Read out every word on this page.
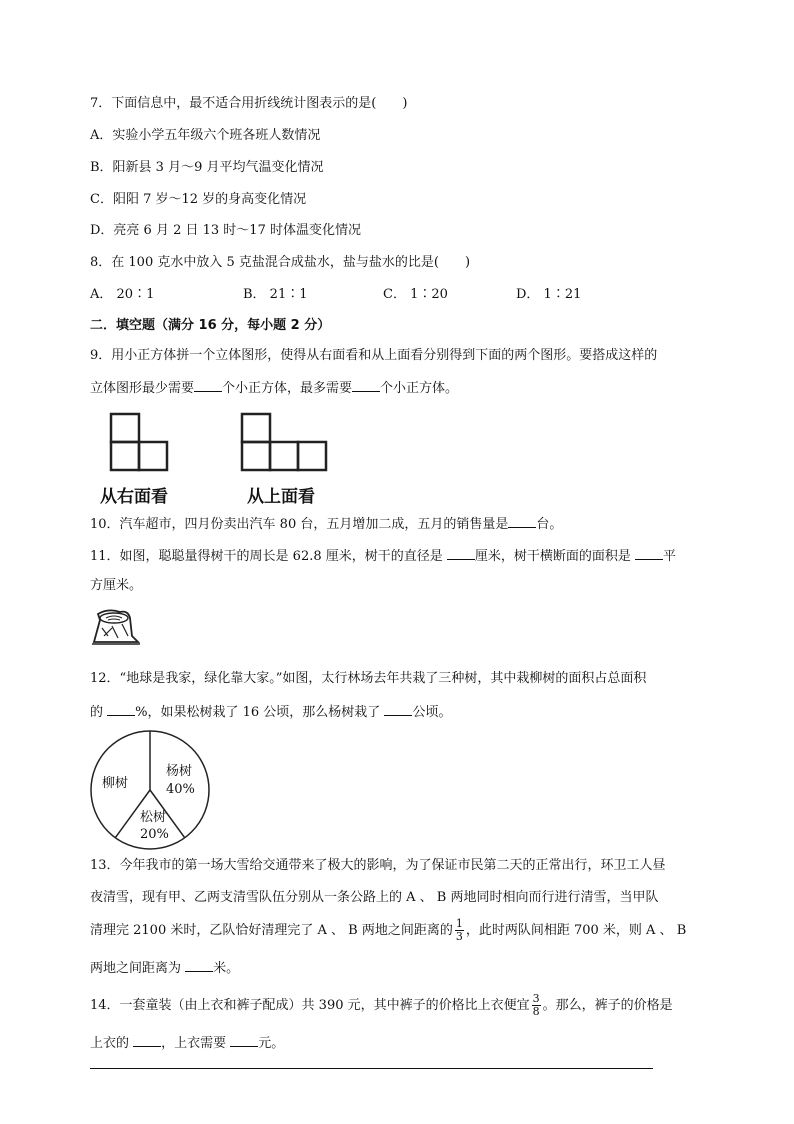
7．下面信息中，最不适合用折线统计图表示的是(　　)
A．实验小学五年级六个班各班人数情况
B．阳新县 3 月～9 月平均气温变化情况
C．阳阳 7 岁～12 岁的身高变化情况
D．亮亮 6 月 2 日 13 时～17 时体温变化情况
8．在 100 克水中放入 5 克盐混合成盐水，盐与盐水的比是(　　)
A． 20∶1	B． 21∶1	C． 1∶20	D． 1∶21
二．填空题（满分 16 分，每小题 2 分）
9．用小正方体拼一个立体图形，使得从右面看和从上面看分别得到下面的两个图形。要搭成这样的
立体图形最少需要 个小正方体，最多需要 个小正方体。
从右面看	从上面看
10．汽车超市，四月份卖出汽车 80 台，五月增加二成，五月的销售量是 台。
11．如图，聪聪量得树干的周长是 62.8 厘米，树干的直径是 厘米，树干横断面的面积是 平
方厘米。
12．“地球是我家，绿化靠大家。”如图，太行林场去年共栽了三种树，其中栽柳树的面积占总面积
的 %，如果松树栽了 16 公顷，那么杨树栽了 公顷。
柳树
杨树
40%
松树
20%
13．今年我市的第一场大雪给交通带来了极大的影响，为了保证市民第二天的正常出行，环卫工人昼
夜清雪，现有甲、乙两支清雪队伍分别从一条公路上的 A 、 B 两地同时相向而行进行清雪，当甲队
清理完 2100 米时，乙队恰好清理完了 A 、 B 两地之间距离的 $\frac{1}{3}$ ，此时两队间相距 700 米，则 A 、 B
两地之间距离为 米。
14．一套童装（由上衣和裤子配成）共 390 元，其中裤子的价格比上衣便宜 $\frac{3}{8}$ 。那么，裤子的价格是
上衣的 ，上衣需要 元。
